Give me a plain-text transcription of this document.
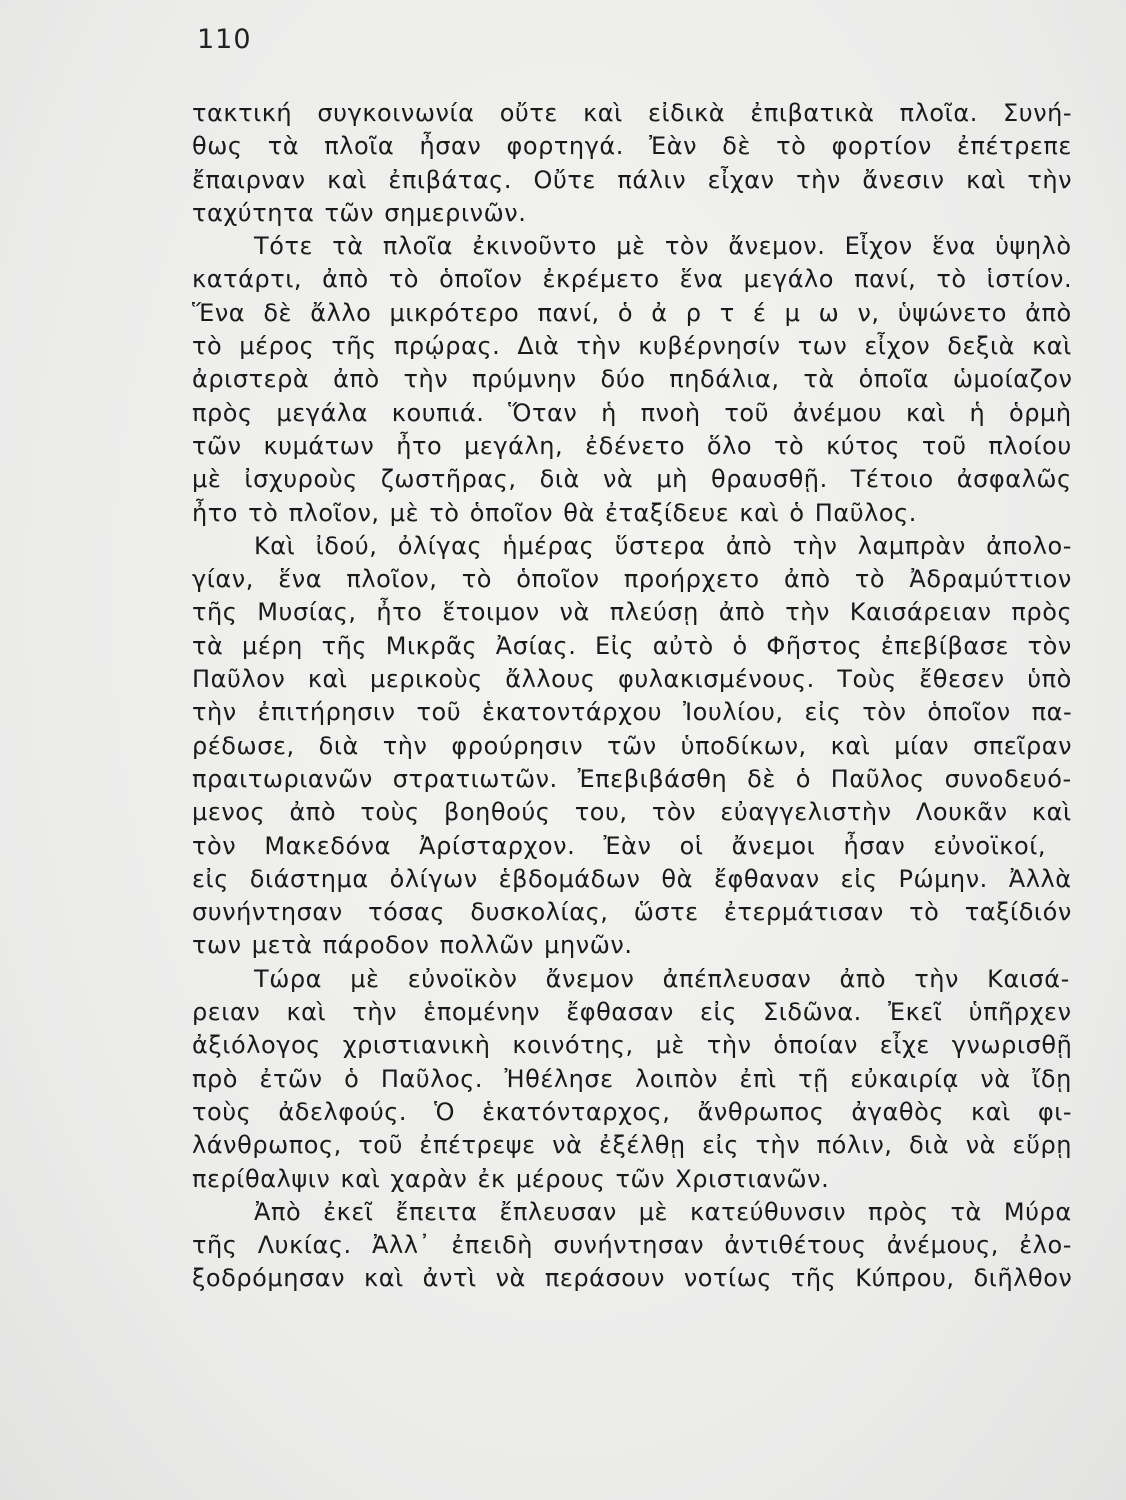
110
τακτική συγκοινωνία οὔτε καὶ εἰδικὰ ἐπιβατικὰ πλοῖα. Συνή-
θως τὰ πλοῖα ἦσαν φορτηγά. Ἐὰν δὲ τὸ φορτίον ἐπέτρεπε
ἔπαιρναν καὶ ἐπιβάτας. Οὔτε πάλιν εἶχαν τὴν ἄνεσιν καὶ τὴν
ταχύτητα τῶν σημερινῶν.
Τότε τὰ πλοῖα ἐκινοῦντο μὲ τὸν ἄνεμον. Εἶχον ἕνα ὑψηλὸ
κατάρτι, ἀπὸ τὸ ὁποῖον ἐκρέμετο ἕνα μεγάλο πανί, τὸ ἱστίον.
Ἕνα δὲ ἄλλο μικρότερο πανί, ὁ ἀ ρ τ έ μ ω ν, ὑψώνετο ἀπὸ
τὸ μέρος τῆς πρῴρας. Διὰ τὴν κυβέρνησίν των εἶχον δεξιὰ καὶ
ἀριστερὰ ἀπὸ τὴν πρύμνην δύο πηδάλια, τὰ ὁποῖα ὡμοίαζον
πρὸς μεγάλα κουπιά. Ὅταν ἡ πνοὴ τοῦ ἀνέμου καὶ ἡ ὁρμὴ
τῶν κυμάτων ἦτο μεγάλη, ἐδένετο ὅλο τὸ κύτος τοῦ πλοίου
μὲ ἰσχυροὺς ζωστῆρας, διὰ νὰ μὴ θραυσθῇ. Τέτοιο ἀσφαλῶς
ἦτο τὸ πλοῖον, μὲ τὸ ὁποῖον θὰ ἐταξίδευε καὶ ὁ Παῦλος.
Καὶ ἰδού, ὀλίγας ἡμέρας ὕστερα ἀπὸ τὴν λαμπρὰν ἀπολο-
γίαν, ἕνα πλοῖον, τὸ ὁποῖον προήρχετο ἀπὸ τὸ Ἀδραμύττιον
τῆς Μυσίας, ἦτο ἕτοιμον νὰ πλεύσῃ ἀπὸ τὴν Καισάρειαν πρὸς
τὰ μέρη τῆς Μικρᾶς Ἀσίας. Εἰς αὐτὸ ὁ Φῆστος ἐπεβίβασε τὸν
Παῦλον καὶ μερικοὺς ἄλλους φυλακισμένους. Τοὺς ἔθεσεν ὑπὸ
τὴν ἐπιτήρησιν τοῦ ἑκατοντάρχου Ἰουλίου, εἰς τὸν ὁποῖον πα-
ρέδωσε, διὰ τὴν φρούρησιν τῶν ὑποδίκων, καὶ μίαν σπεῖραν
πραιτωριανῶν στρατιωτῶν. Ἐπεβιβάσθη δὲ ὁ Παῦλος συνοδευό-
μενος ἀπὸ τοὺς βοηθούς του, τὸν εὐαγγελιστὴν Λουκᾶν καὶ
τὸν Μακεδόνα Ἀρίσταρχον. Ἐὰν οἱ ἄνεμοι ἦσαν εὐνοϊκοί,
εἰς διάστημα ὀλίγων ἑβδομάδων θὰ ἔφθαναν εἰς Ρώμην. Ἀλλὰ
συνήντησαν τόσας δυσκολίας, ὥστε ἐτερμάτισαν τὸ ταξίδιόν
των μετὰ πάροδον πολλῶν μηνῶν.
Τώρα μὲ εὐνοϊκὸν ἄνεμον ἀπέπλευσαν ἀπὸ τὴν Καισά-
ρειαν καὶ τὴν ἑπομένην ἔφθασαν εἰς Σιδῶνα. Ἐκεῖ ὑπῆρχεν
ἀξιόλογος χριστιανικὴ κοινότης, μὲ τὴν ὁποίαν εἶχε γνωρισθῇ
πρὸ ἐτῶν ὁ Παῦλος. Ἠθέλησε λοιπὸν ἐπὶ τῇ εὐκαιρίᾳ νὰ ἴδῃ
τοὺς ἀδελφούς. Ὁ ἑκατόνταρχος, ἄνθρωπος ἀγαθὸς καὶ φι-
λάνθρωπος, τοῦ ἐπέτρεψε νὰ ἐξέλθῃ εἰς τὴν πόλιν, διὰ νὰ εὕρῃ
περίθαλψιν καὶ χαρὰν ἐκ μέρους τῶν Χριστιανῶν.
Ἀπὸ ἐκεῖ ἔπειτα ἔπλευσαν μὲ κατεύθυνσιν πρὸς τὰ Μύρα
τῆς Λυκίας. Ἀλλ᾽ ἐπειδὴ συνήντησαν ἀντιθέτους ἀνέμους, ἐλο-
ξοδρόμησαν καὶ ἀντὶ νὰ περάσουν νοτίως τῆς Κύπρου, διῆλθον
